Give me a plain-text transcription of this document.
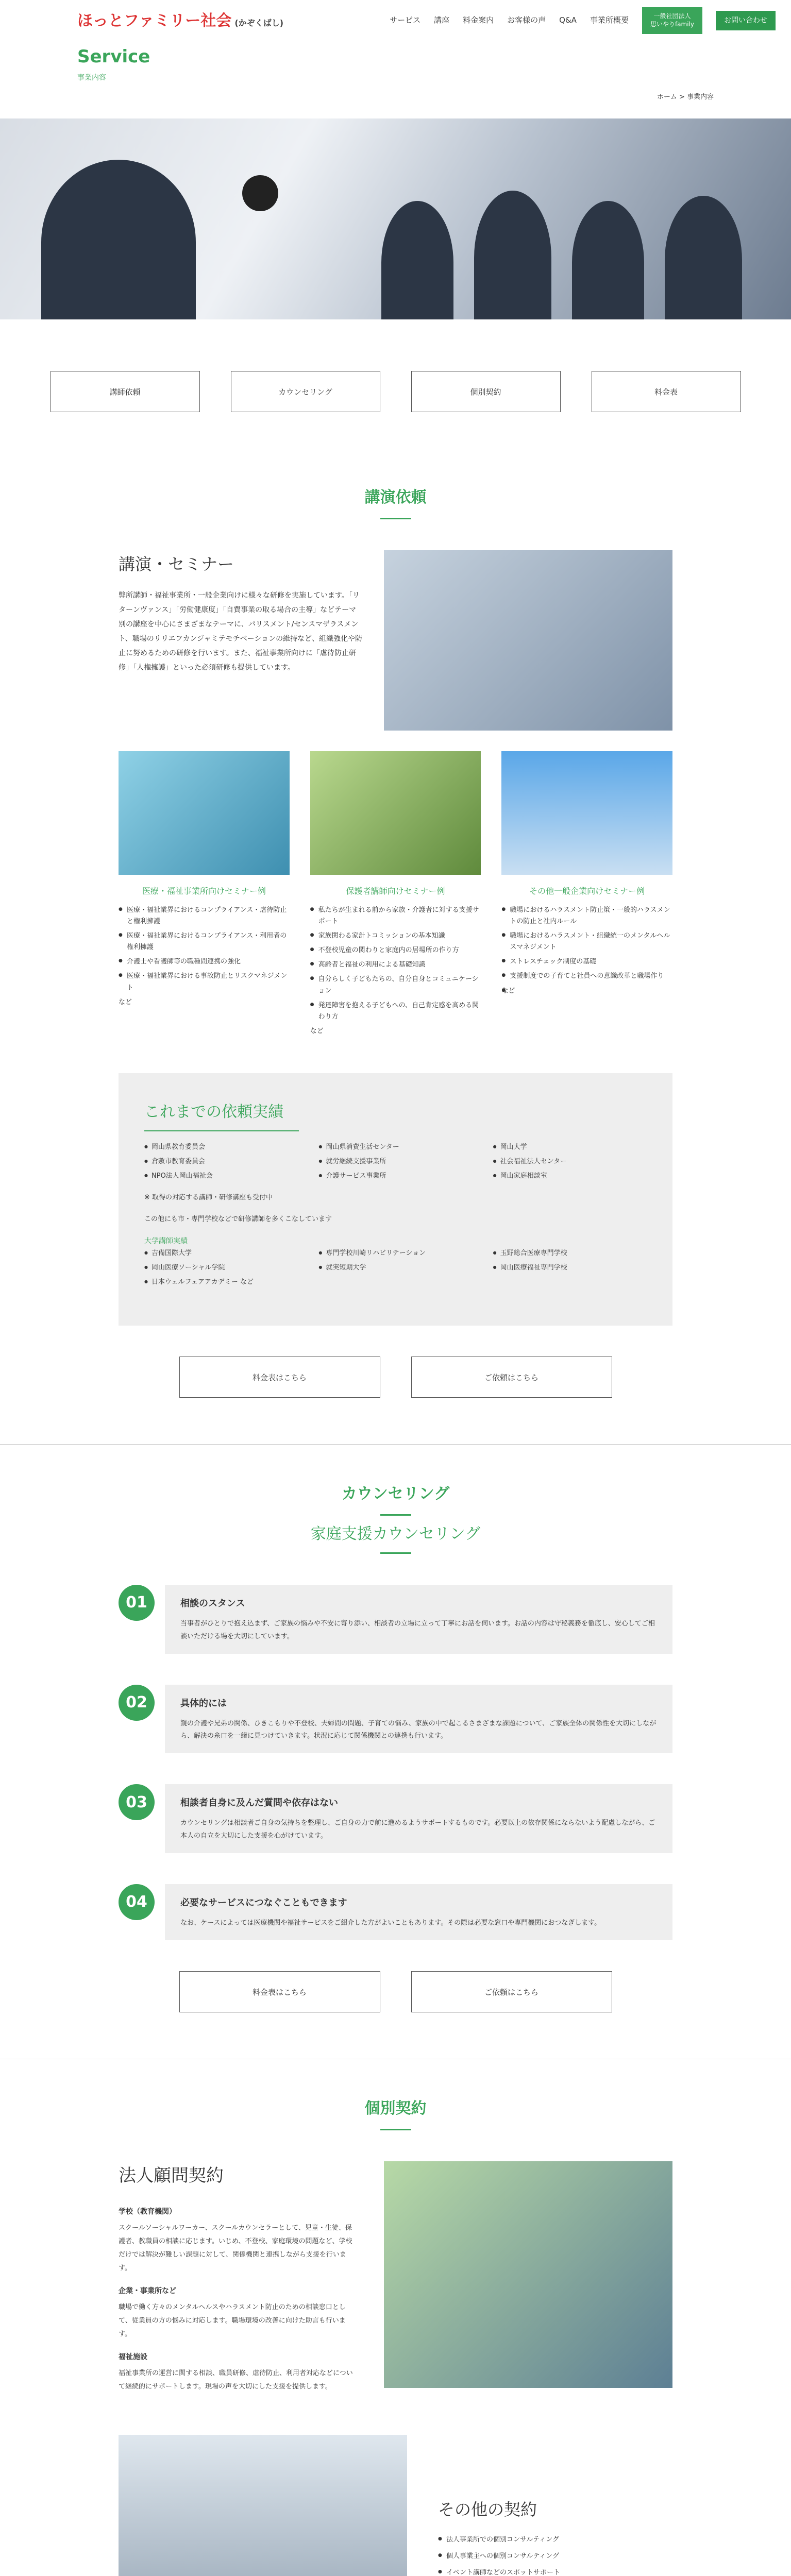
ほっとファミリー社会 (かぞくばし)	サービス 講座 料金案内 お客様の声 Q&A 事業所概要	一般社団法人
思いやりfamily	お問い合わせ
Service
事業内容
ホーム > 事業内容
講師依頼	カウンセリング	個別契約	料金表
講演依頼
講演・セミナー

弊所講師・福祉事業所・一般企業向けに様々な研修を実施しています。「リターンヴァンス」「労働健康度」「自費事業の取る場合の主導」などテーマ別の講座を中心にさまざまなテーマに、パリスメント/センスマザラスメント、職場のリリエフカンジャミテモチベーションの維持など、組織強化や防止に努めるための研修を行います。また、福祉事業所向けに「虐待防止研修」「人権擁護」といった必須研修も提供しています。

医療・福祉事業所向けセミナー例
● 医療・福祉業界におけるコンプライアンス・虐待防止と権利擁護
● 医療・福祉業界におけるコンプライアンス・利用者の権利擁護
● 介護士や看護師等の職種間連携の強化
● 医療・福祉業界における事故防止とリスクマネジメント
など
保護者講師向けセミナー例
● 私たちが生まれる前から家族・介護者に対する支援サポート
● 家族関わる家計トコミッションの基本知識
● 不登校児童の関わりと家庭内の居場所の作り方
● 高齢者と福祉の利用による基礎知識
● 自分らしく子どもたちの、自分自身とコミュニケーション
● 発達障害を抱える子どもへの、自己肯定感を高める関わり方
など
その他一般企業向けセミナー例
● 職場におけるハラスメント防止策・一般的ハラスメントの防止と社内ルール
● 職場におけるハラスメント・組織統一のメンタルヘルスマネジメント
● ストレスチェック制度の基礎
● 支援制度での子育てと社員への意識改革と職場作り
など
これまでの依頼実績
● 岡山県教育委員会	● 岡山県消費生活センター	● 岡山大学
● 倉敷市教育委員会	● 就労継続支援事業所	● 社会福祉法人センター
● NPO法人岡山福祉会	● 介護サービス事業所	● 岡山家庭相談室

※ 取得の対応する講師・研修講座も受付中

この他にも市・専門学校などで研修講師を多くこなしています

大学講師実績

● 吉備国際大学	● 専門学校川崎リハビリテーション	● 玉野総合医療専門学校
● 岡山医療ソーシャル学院	● 就実短期大学	● 岡山医療福祉専門学校
● 日本ウェルフェアアカデミー など
料金表はこちら	ご依頼はこちら
カウンセリング
家庭支援カウンセリング
01	相談のスタンス

当事者がひとりで抱え込まず、ご家族の悩みや不安に寄り添い、相談者の立場に立って丁寧にお話を伺います。お話の内容は守秘義務を徹底し、安心してご相談いただける場を大切にしています。

02	具体的には

親の介護や兄弟の関係、ひきこもりや不登校、夫婦間の問題、子育ての悩み、家族の中で起こるさまざまな課題について、ご家族全体の関係性を大切にしながら、解決の糸口を一緒に見つけていきます。状況に応じて関係機関との連携も行います。

03	相談者自身に及んだ質問や依存はない

カウンセリングは相談者ご自身の気持ちを整理し、ご自身の力で前に進めるようサポートするものです。必要以上の依存関係にならないよう配慮しながら、ご本人の自立を大切にした支援を心がけています。

04	必要なサービスにつなぐこともできます

なお、ケースによっては医療機関や福祉サービスをご紹介した方がよいこともあります。その際は必要な窓口や専門機関におつなぎします。

料金表はこちら	ご依頼はこちら
個別契約
法人顧問契約
学校（教育機関）

スクールソーシャルワーカー、スクールカウンセラーとして、児童・生徒、保護者、教職員の相談に応じます。いじめ、不登校、家庭環境の問題など、学校だけでは解決が難しい課題に対して、関係機関と連携しながら支援を行います。

企業・事業所など

職場で働く方々のメンタルヘルスやハラスメント防止のための相談窓口として、従業員の方の悩みに対応します。職場環境の改善に向けた助言も行います。

福祉施設

福祉事業所の運営に関する相談、職員研修、虐待防止、利用者対応などについて継続的にサポートします。現場の声を大切にした支援を提供します。

その他の契約
● 法人事業所での個別コンサルティング
● 個人事業主への個別コンサルティング
● イベント講師などのスポットサポート
